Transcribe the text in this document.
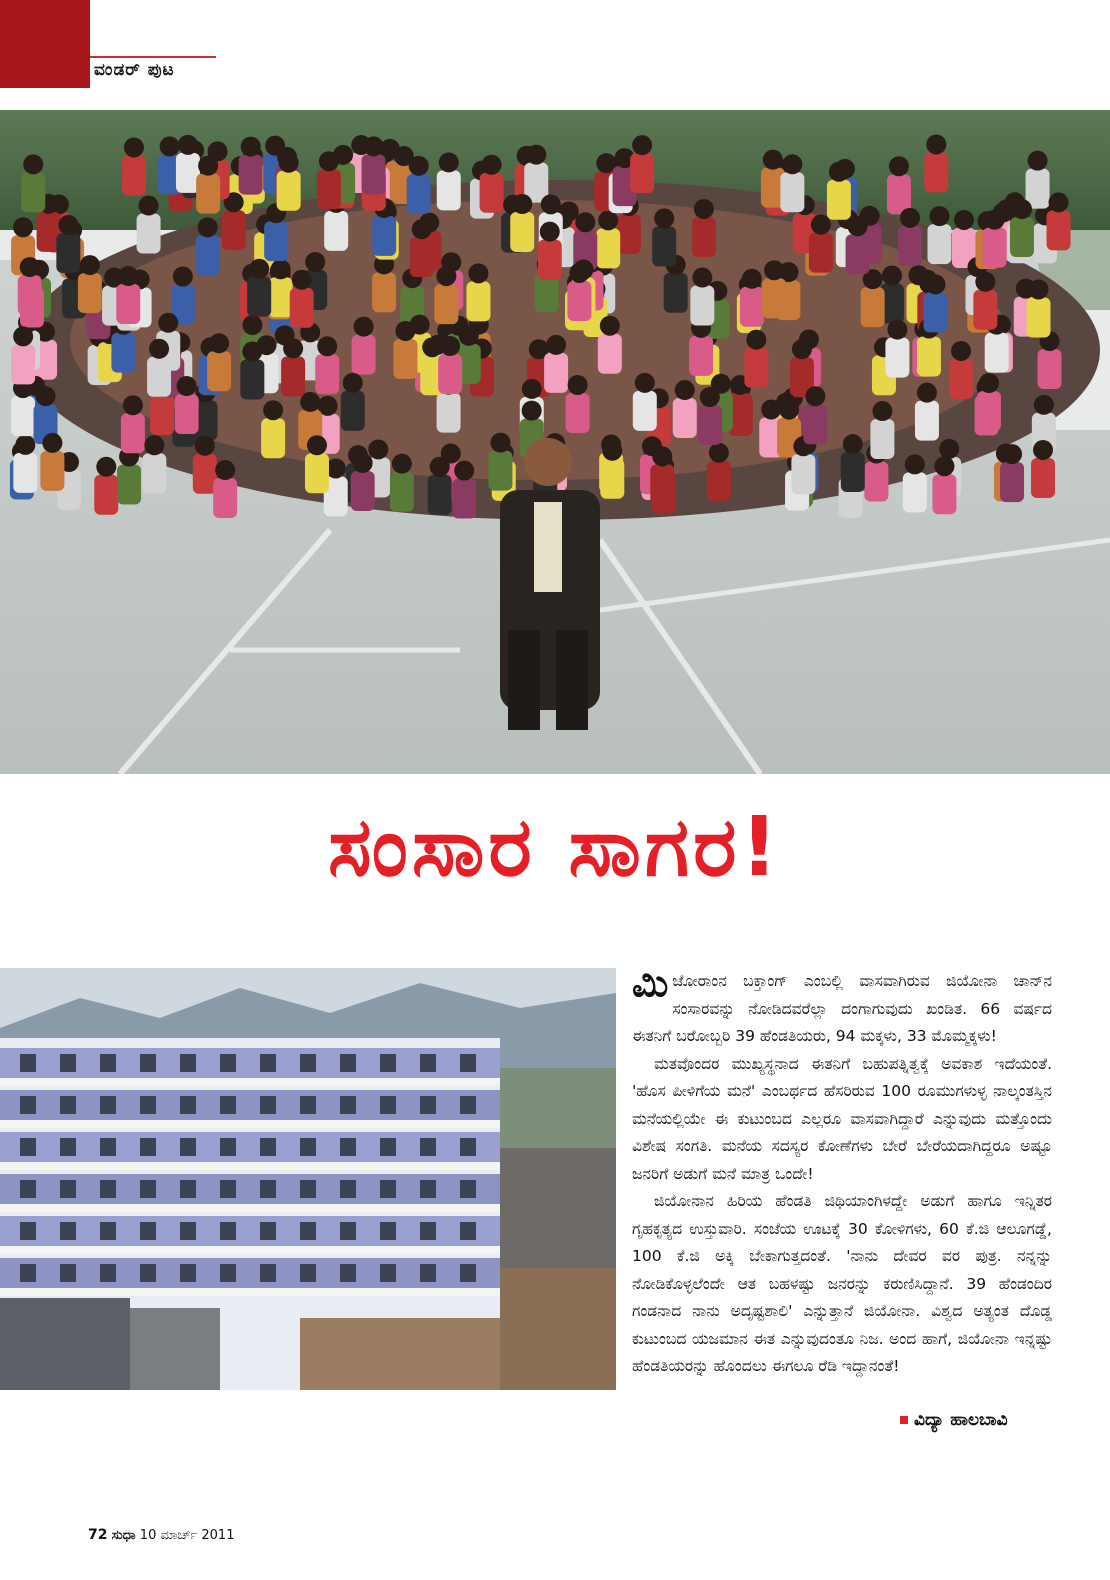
ವಂಡರ್ ಪುಟ
ಸಂಸಾರ ಸಾಗರ!

ಮಿಜೋರಾಂನ ಬಕ್ತಾಂಗ್ ಎಂಬಲ್ಲಿ ವಾಸವಾಗಿರುವ ಜಿಯೋನಾ ಚಾನ್‌ನ ಸಂಸಾರವನ್ನು ನೋಡಿದವರೆಲ್ಲಾ ದಂಗಾಗುವುದು ಖಂಡಿತ. 66 ವರ್ಷದ ಈತನಿಗೆ ಬರೋಬ್ಬರಿ 39 ಹೆಂಡತಿಯರು, 94 ಮಕ್ಕಳು, 33 ಮೊಮ್ಮಕ್ಕಳು!

ಮತವೊಂದರ ಮುಖ್ಯಸ್ಥನಾದ ಈತನಿಗೆ ಬಹುಪತ್ನಿತ್ವಕ್ಕೆ ಅವಕಾಶ ಇದೆಯಂತೆ. 'ಹೊಸ ಪೀಳಿಗೆಯ ಮನೆ' ಎಂಬರ್ಥದ ಹೆಸರಿರುವ 100 ರೂಮುಗಳುಳ್ಳ ನಾಲ್ಕಂತಸ್ತಿನ ಮನೆಯಲ್ಲಿಯೇ ಈ ಕುಟುಂಬದ ಎಲ್ಲರೂ ವಾಸವಾಗಿದ್ದಾರೆ ಎನ್ನುವುದು ಮತ್ತೊಂದು ವಿಶೇಷ ಸಂಗತಿ. ಮನೆಯ ಸದಸ್ಯರ ಕೋಣೆಗಳು ಬೇರೆ ಬೇರೆಯದಾಗಿದ್ದರೂ ಅಷ್ಟೂ ಜನರಿಗೆ ಅಡುಗೆ ಮನೆ ಮಾತ್ರ ಒಂದೇ!

ಜಿಯೋನಾನ ಹಿರಿಯ ಹೆಂಡತಿ ಜಿಥಿಯಾಂಗಿಳದ್ದೇ ಅಡುಗೆ ಹಾಗೂ ಇನ್ನಿತರ ಗೃಹಕೃತ್ಯದ ಉಸ್ತುವಾರಿ. ಸಂಜೆಯ ಊಟಕ್ಕೆ 30 ಕೋಳಿಗಳು, 60 ಕೆ.ಜಿ ಆಲೂಗಡ್ಡೆ, 100 ಕೆ.ಜಿ ಅಕ್ಕಿ ಬೇಕಾಗುತ್ತದಂತೆ. 'ನಾನು ದೇವರ ವರ ಪುತ್ರ. ನನ್ನನ್ನು ನೋಡಿಕೊಳ್ಳಲೆಂದೇ ಆತ ಬಹಳಷ್ಟು ಜನರನ್ನು ಕರುಣಿಸಿದ್ದಾನೆ. 39 ಹೆಂಡಂದಿರ ಗಂಡನಾದ ನಾನು ಅದೃಷ್ಟಶಾಲಿ' ಎನ್ನುತ್ತಾನೆ ಜಿಯೋನಾ. ವಿಶ್ವದ ಅತ್ಯಂತ ದೊಡ್ಡ ಕುಟುಂಬದ ಯಜಮಾನ ಈತ ಎನ್ನುವುದಂತೂ ನಿಜ. ಅಂದ ಹಾಗೆ, ಜಿಯೋನಾ ಇನ್ನಷ್ಟು ಹೆಂಡತಿಯರನ್ನು ಹೊಂದಲು ಈಗಲೂ ರೆಡಿ ಇದ್ದಾನಂತೆ!

ವಿದ್ಯಾ ಹಾಲಬಾವಿ
72 ಸುಧಾ 10 ಮಾರ್ಚ್ 2011
